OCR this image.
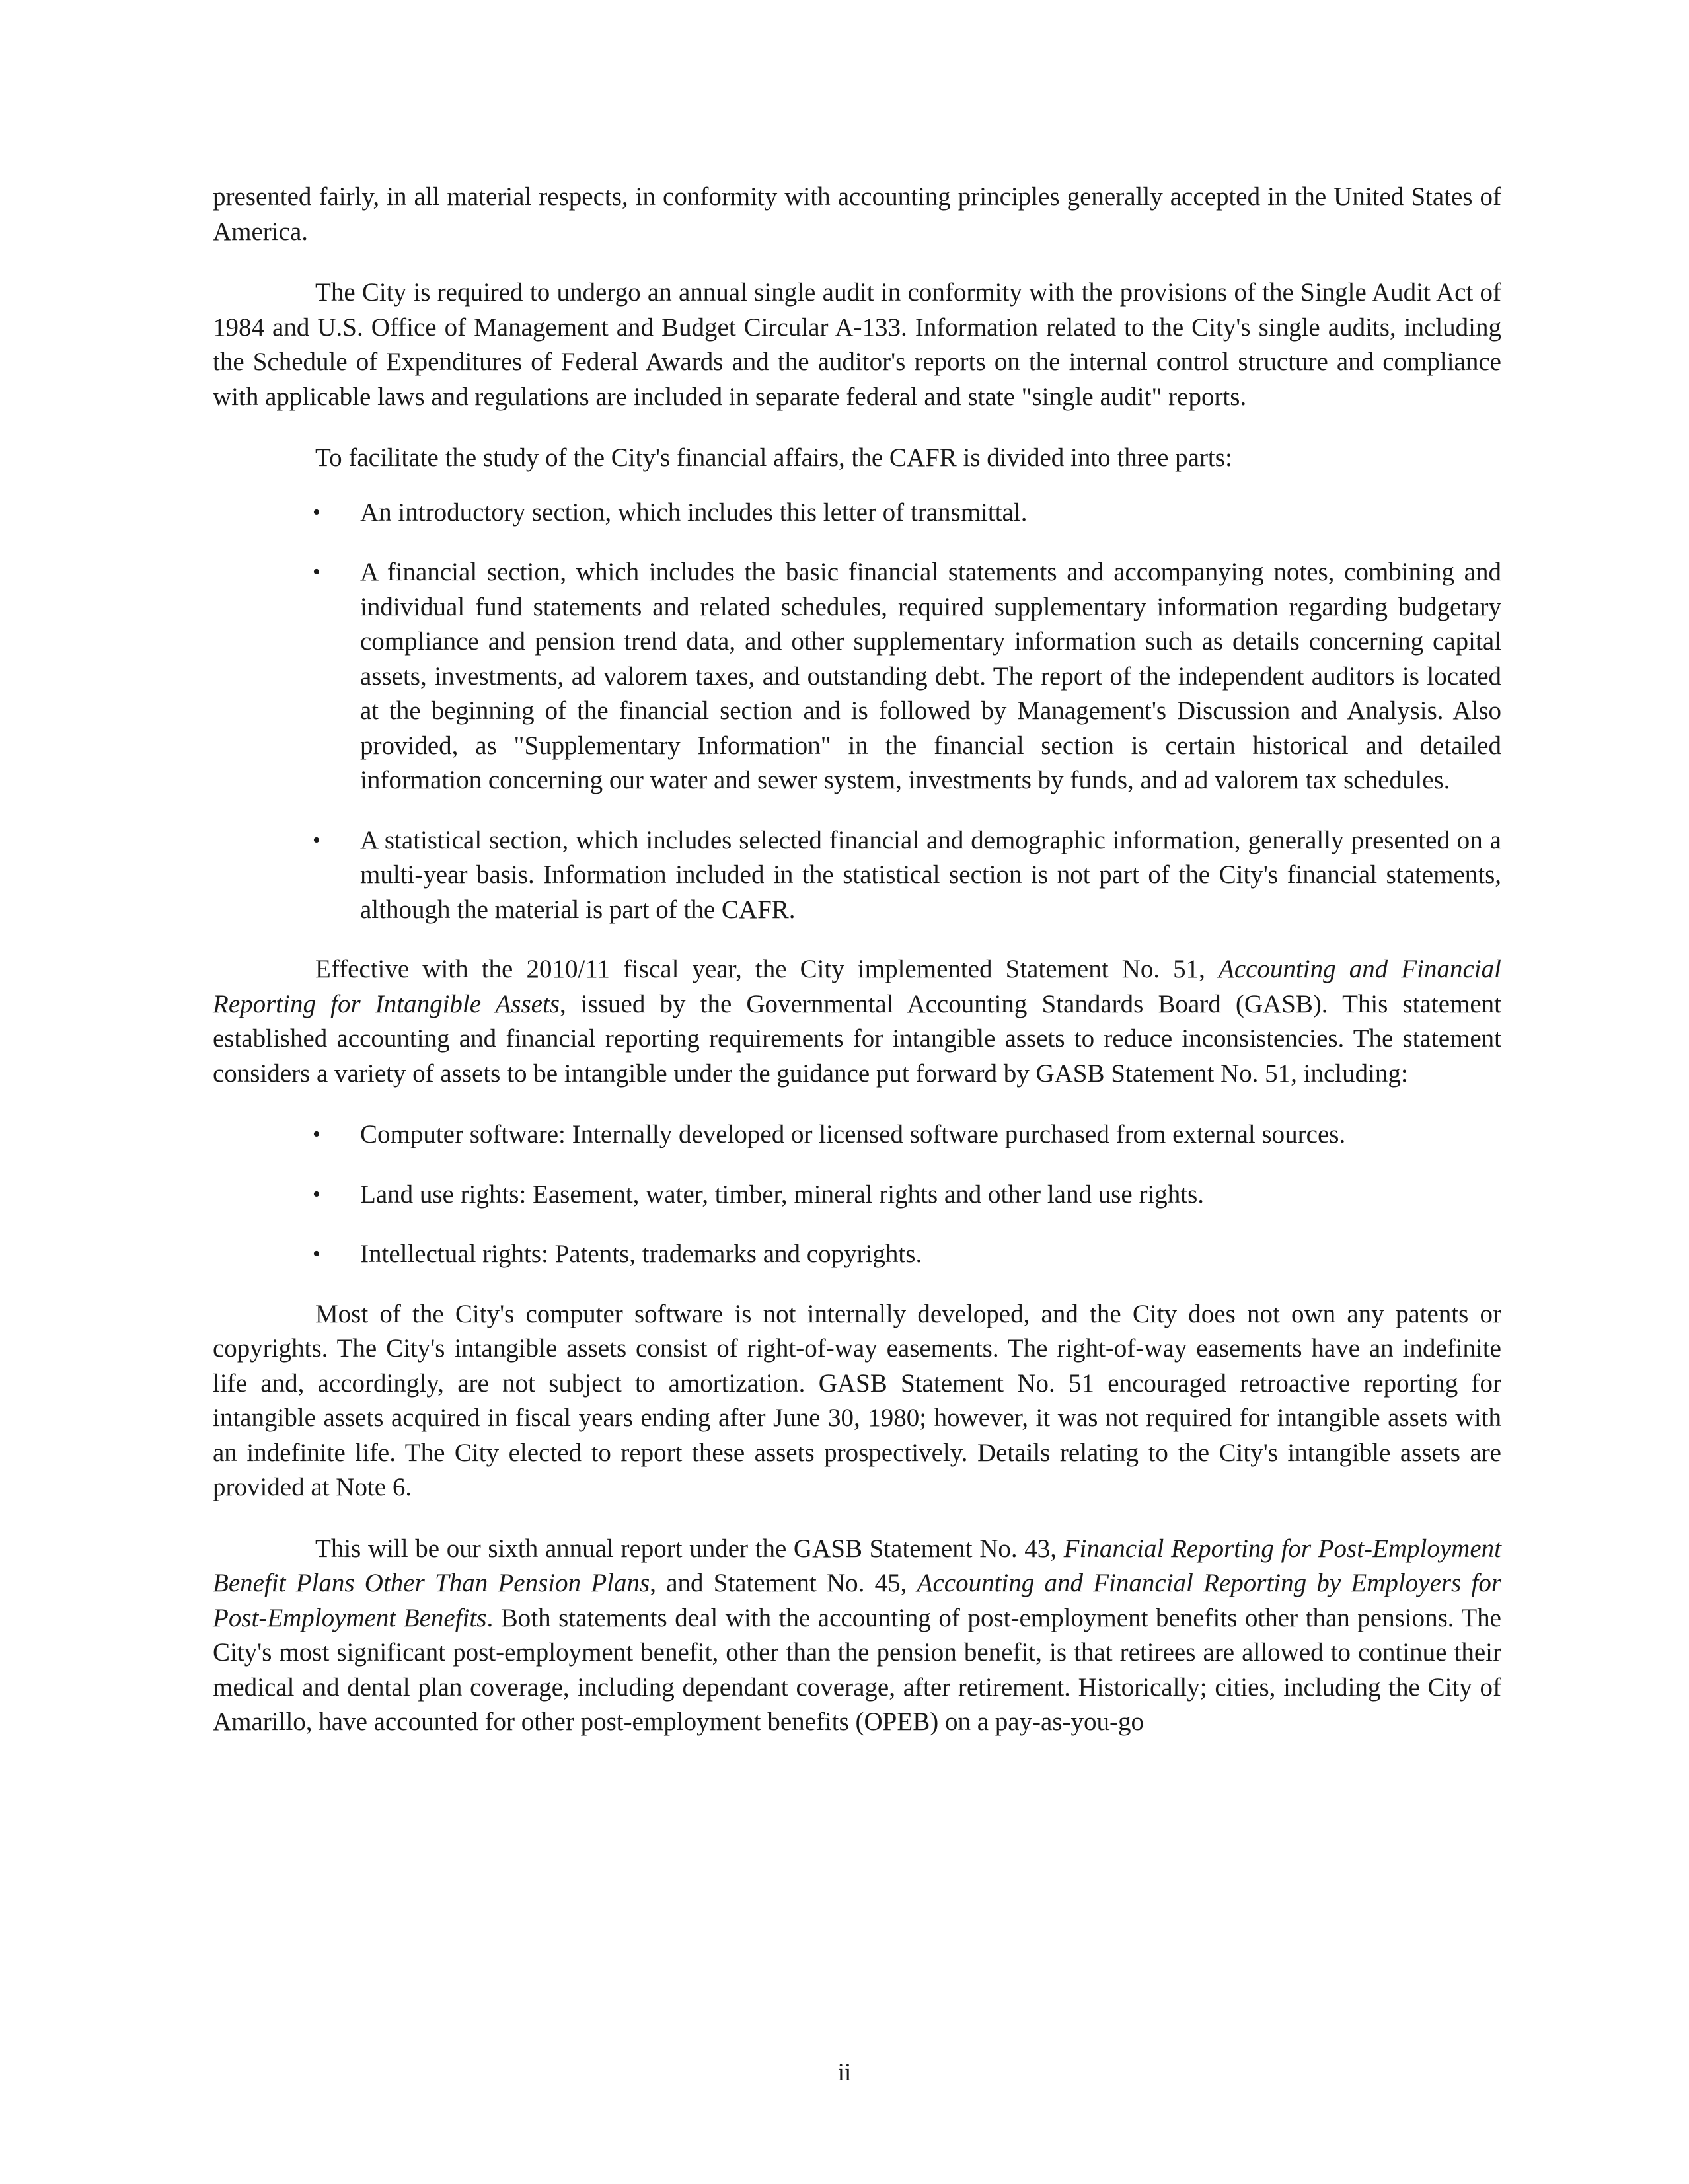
presented fairly, in all material respects, in conformity with accounting principles generally accepted in the United States of America.

The City is required to undergo an annual single audit in conformity with the provisions of the Single Audit Act of 1984 and U.S. Office of Management and Budget Circular A-133. Information related to the City's single audits, including the Schedule of Expenditures of Federal Awards and the auditor's reports on the internal control structure and compliance with applicable laws and regulations are included in separate federal and state "single audit" reports.

To facilitate the study of the City's financial affairs, the CAFR is divided into three parts:

• An introductory section, which includes this letter of transmittal.
• A financial section, which includes the basic financial statements and accompanying notes, combining and individual fund statements and related schedules, required supplementary information regarding budgetary compliance and pension trend data, and other supplementary information such as details concerning capital assets, investments, ad valorem taxes, and outstanding debt. The report of the independent auditors is located at the beginning of the financial section and is followed by Management's Discussion and Analysis. Also provided, as "Supplementary Information" in the financial section is certain historical and detailed information concerning our water and sewer system, investments by funds, and ad valorem tax schedules.
• A statistical section, which includes selected financial and demographic information, generally presented on a multi-year basis. Information included in the statistical section is not part of the City's financial statements, although the material is part of the CAFR.

Effective with the 2010/11 fiscal year, the City implemented Statement No. 51, Accounting and Financial Reporting for Intangible Assets, issued by the Governmental Accounting Standards Board (GASB). This statement established accounting and financial reporting requirements for intangible assets to reduce inconsistencies. The statement considers a variety of assets to be intangible under the guidance put forward by GASB Statement No. 51, including:

• Computer software: Internally developed or licensed software purchased from external sources.
• Land use rights: Easement, water, timber, mineral rights and other land use rights.
• Intellectual rights: Patents, trademarks and copyrights.

Most of the City's computer software is not internally developed, and the City does not own any patents or copyrights. The City's intangible assets consist of right-of-way easements. The right-of-way easements have an indefinite life and, accordingly, are not subject to amortization. GASB Statement No. 51 encouraged retroactive reporting for intangible assets acquired in fiscal years ending after June 30, 1980; however, it was not required for intangible assets with an indefinite life. The City elected to report these assets prospectively. Details relating to the City's intangible assets are provided at Note 6.

This will be our sixth annual report under the GASB Statement No. 43, Financial Reporting for Post-Employment Benefit Plans Other Than Pension Plans, and Statement No. 45, Accounting and Financial Reporting by Employers for Post-Employment Benefits. Both statements deal with the accounting of post-employment benefits other than pensions. The City's most significant post-employment benefit, other than the pension benefit, is that retirees are allowed to continue their medical and dental plan coverage, including dependant coverage, after retirement. Historically; cities, including the City of Amarillo, have accounted for other post-employment benefits (OPEB) on a pay-as-you-go

ii
